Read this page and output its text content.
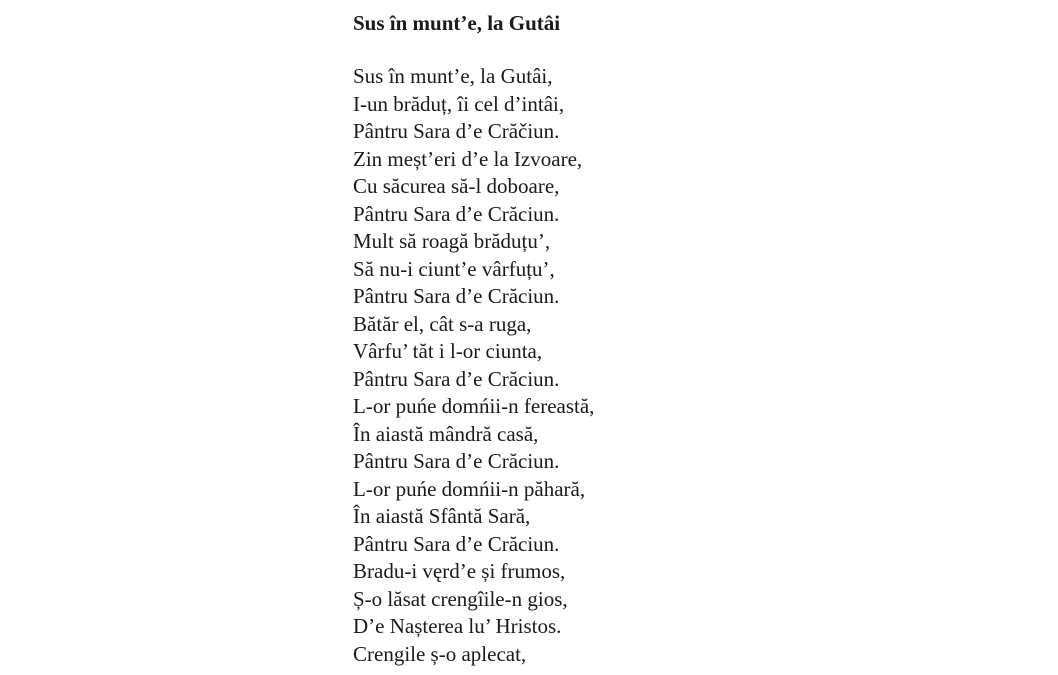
Sus în munt’e, la Gutâi
Sus în munt’e, la Gutâi,
I-un brăduț, îi cel d’intâi,
Pântru Sara d’e Crăčiun.
Zin meșt’eri d’e la Izvoare,
Cu săcurea să-l doboare,
Pântru Sara d’e Crăciun.
Mult să roagă brăduțu’,
Să nu-i ciunt’e vârfuțu’,
Pântru Sara d’e Crăciun.
Bătăr el, cât s-a ruga,
Vârfu’ tăt i l-or ciunta,
Pântru Sara d’e Crăciun.
L-or puńe domńii-n fereastă,
În aiastă mândră casă,
Pântru Sara d’e Crăciun.
L-or puńe domńii-n păhară,
În aiastă Sfântă Sară,
Pântru Sara d’e Crăciun.
Bradu-i vęrd’e și frumos,
Ș-o lăsat crengîile-n gios,
D’e Nașterea lu’ Hristos.
Crengile ș-o aplecat,
